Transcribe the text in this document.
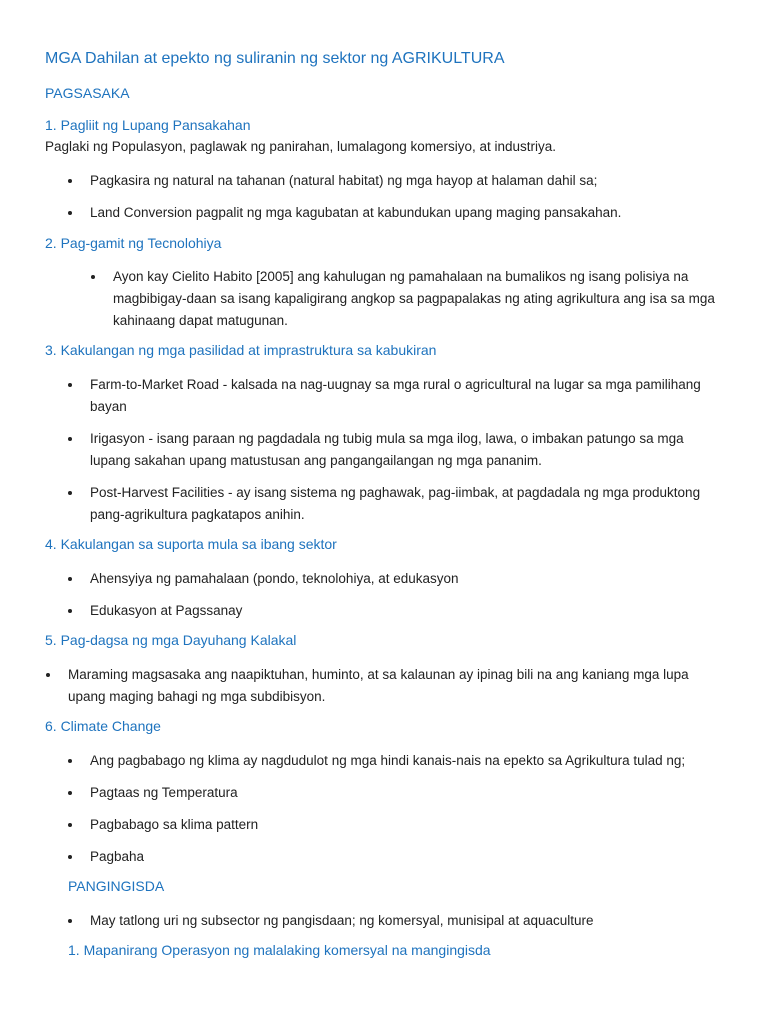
MGA Dahilan at epekto ng suliranin ng sektor ng AGRIKULTURA
PAGSASAKA
1. Pagliit ng Lupang Pansakahan
Paglaki ng Populasyon, paglawak ng panirahan, lumalagong komersiyo, at industriya.
Pagkasira ng natural na tahanan (natural habitat) ng mga hayop at halaman dahil sa;
Land Conversion pagpalit ng mga kagubatan at kabundukan upang maging pansakahan.
2. Pag-gamit ng Tecnolohiya
Ayon kay Cielito Habito [2005] ang kahulugan ng pamahalaan na bumalikos ng isang polisiya na
magbibigay-daan sa isang kapaligirang angkop sa pagpapalakas ng ating agrikultura ang isa sa mga
kahinaang dapat matugunan.
3. Kakulangan ng mga pasilidad at imprastruktura sa kabukiran
Farm-to-Market Road - kalsada na nag-uugnay sa mga rural o agricultural na lugar sa mga pamilihang
bayan
Irigasyon - isang paraan ng pagdadala ng tubig mula sa mga ilog, lawa, o imbakan patungo sa mga
lupang sakahan upang matustusan ang pangangailangan ng mga pananim.
Post-Harvest Facilities - ay isang sistema ng paghawak, pag-iimbak, at pagdadala ng mga produktong
pang-agrikultura pagkatapos anihin.
4. Kakulangan sa suporta mula sa ibang sektor
Ahensyiya ng pamahalaan (pondo, teknolohiya, at edukasyon
Edukasyon at Pagssanay
5. Pag-dagsa ng mga Dayuhang Kalakal
Maraming magsasaka ang naapiktuhan, huminto, at sa kalaunan ay ipinag bili na ang kaniang mga lupa
upang maging bahagi ng mga subdibisyon.
6. Climate Change
Ang pagbabago ng klima ay nagdudulot ng mga hindi kanais-nais na epekto sa Agrikultura tulad ng;
Pagtaas ng Temperatura
Pagbabago sa klima pattern
Pagbaha
PANGINGISDA
May tatlong uri ng subsector ng pangisdaan; ng komersyal, munisipal at aquaculture
1. Mapanirang Operasyon ng malalaking komersyal na mangingisda
